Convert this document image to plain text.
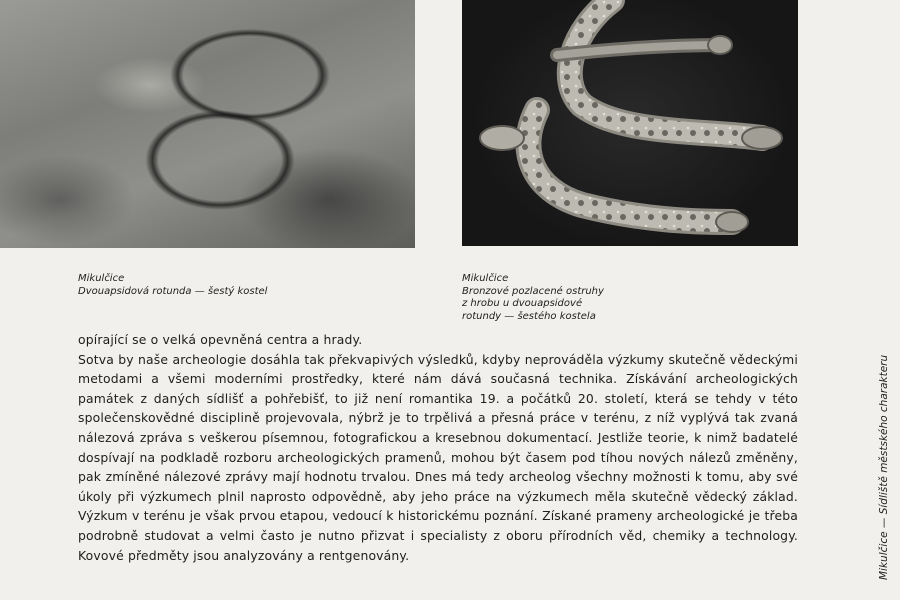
Mikulčice
Dvouapsidová rotunda — šestý kostel
Mikulčice
Bronzové pozlacené ostruhy
z hrobu u dvouapsidové
rotundy — šestého kostela

opírající se o velká opevněná centra a hrady.

Sotva by naše archeologie dosáhla tak překvapivých výsledků, kdyby neprováděla výzkumy skutečně vědeckými metodami a všemi moderními prostředky, které nám dává současná technika. Získávání archeologických památek z daných sídlišť a pohřebišť, to již není romantika 19. a počátků 20. století, která se tehdy v této společenskovědné disciplině projevovala, nýbrž je to trpělivá a přesná práce v terénu, z níž vyplývá tak zvaná nálezová zpráva s veškerou písemnou, fotografickou a kresebnou dokumentací. Jestliže teorie, k nimž badatelé dospívají na podkladě rozboru archeologických pramenů, mohou být časem pod tíhou nových nálezů změněny, pak zmíněné nálezové zprávy mají hodnotu trvalou. Dnes má tedy archeolog všechny možnosti k tomu, aby své úkoly při výzkumech plnil naprosto odpovědně, aby jeho práce na výzkumech měla skutečně vědecký základ. Výzkum v terénu je však prvou etapou, vedoucí k historickému poznání. Získané prameny archeologické je třeba podrobně studovat a velmi často je nutno přizvat i specialisty z oboru přírodních věd, chemiky a technology. Kovové předměty jsou analyzovány a rentgenovány.	Mikulčice — Sídliště městského charakteru
